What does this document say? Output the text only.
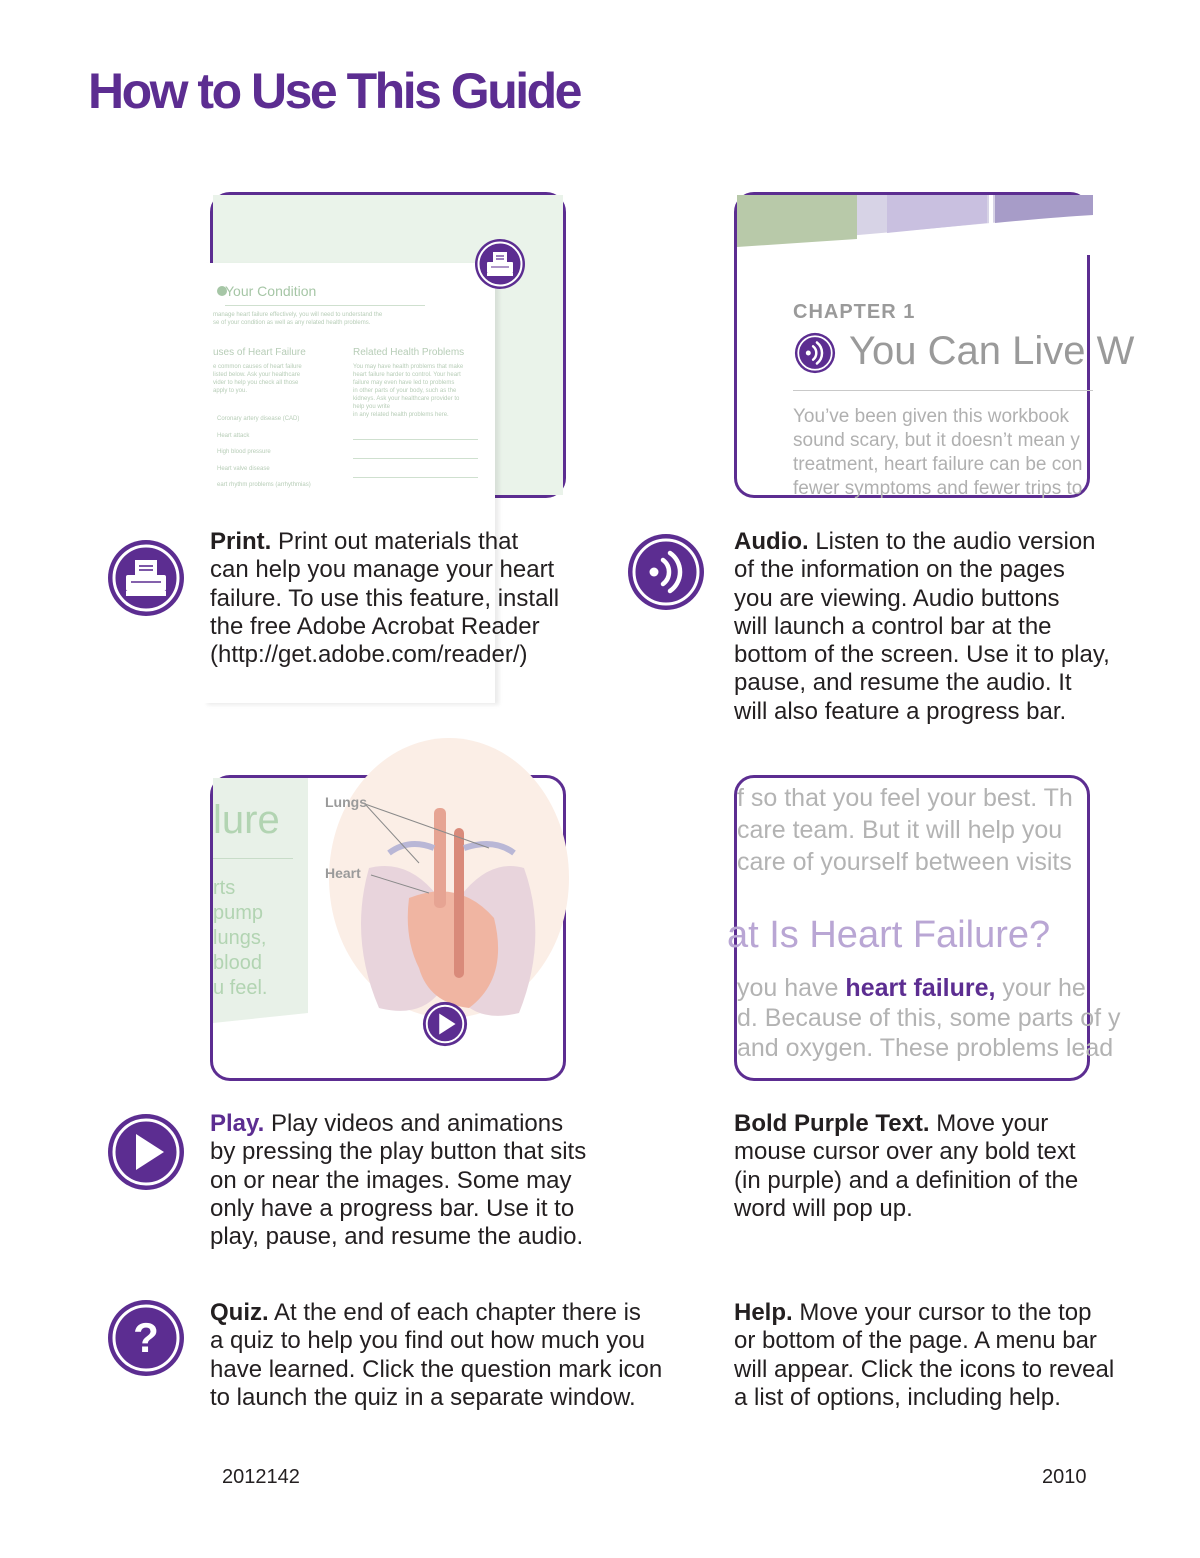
How to Use This Guide
Your Condition
manage heart failure effectively, you will need to understand the
se of your condition as well as any related health problems.
uses of Heart Failure
e common causes of heart failure
listed below. Ask your healthcare
vider to help you check all those
apply to you.
Coronary artery disease (CAD)
Heart attack
High blood pressure
Heart valve disease
eart rhythm problems (arrhythmias)
Related Health Problems
You may have health problems that make
heart failure harder to control. Your heart
failure may even have led to problems
in other parts of your body, such as the
kidneys. Ask your healthcare provider to
help you write
in any related health problems here.
CHAPTER 1
You Can Live W
You’ve been given this workbook
sound scary, but it doesn’t mean y
treatment, heart failure can be con
fewer symptoms and fewer trips to
lure
rts
pump
lungs,
blood
u feel.
Lungs
Heart
f so that you feel your best. Th
care team. But it will help you
care of yourself between visits
at Is Heart Failure?
you have heart failure, your he
d. Because of this, some parts of y
and oxygen. These problems lead
?
Print. Print out materials that
can help you manage your heart
failure. To use this feature, install
the free Adobe Acrobat Reader
(http://get.adobe.com/reader/)
Audio. Listen to the audio version
of the information on the pages
you are viewing. Audio buttons
will launch a control bar at the
bottom of the screen. Use it to play,
pause, and resume the audio. It
will also feature a progress bar.
Play. Play videos and animations
by pressing the play button that sits
on or near the images. Some may
only have a progress bar. Use it to
play, pause, and resume the audio.
Bold Purple Text. Move your
mouse cursor over any bold text
(in purple) and a definition of the
word will pop up.
Quiz. At the end of each chapter there is
a quiz to help you find out how much you
have learned. Click the question mark icon
to launch the quiz in a separate window.
Help. Move your cursor to the top
or bottom of the page. A menu bar
will appear. Click the icons to reveal
a list of options, including help.
2012142	2010
